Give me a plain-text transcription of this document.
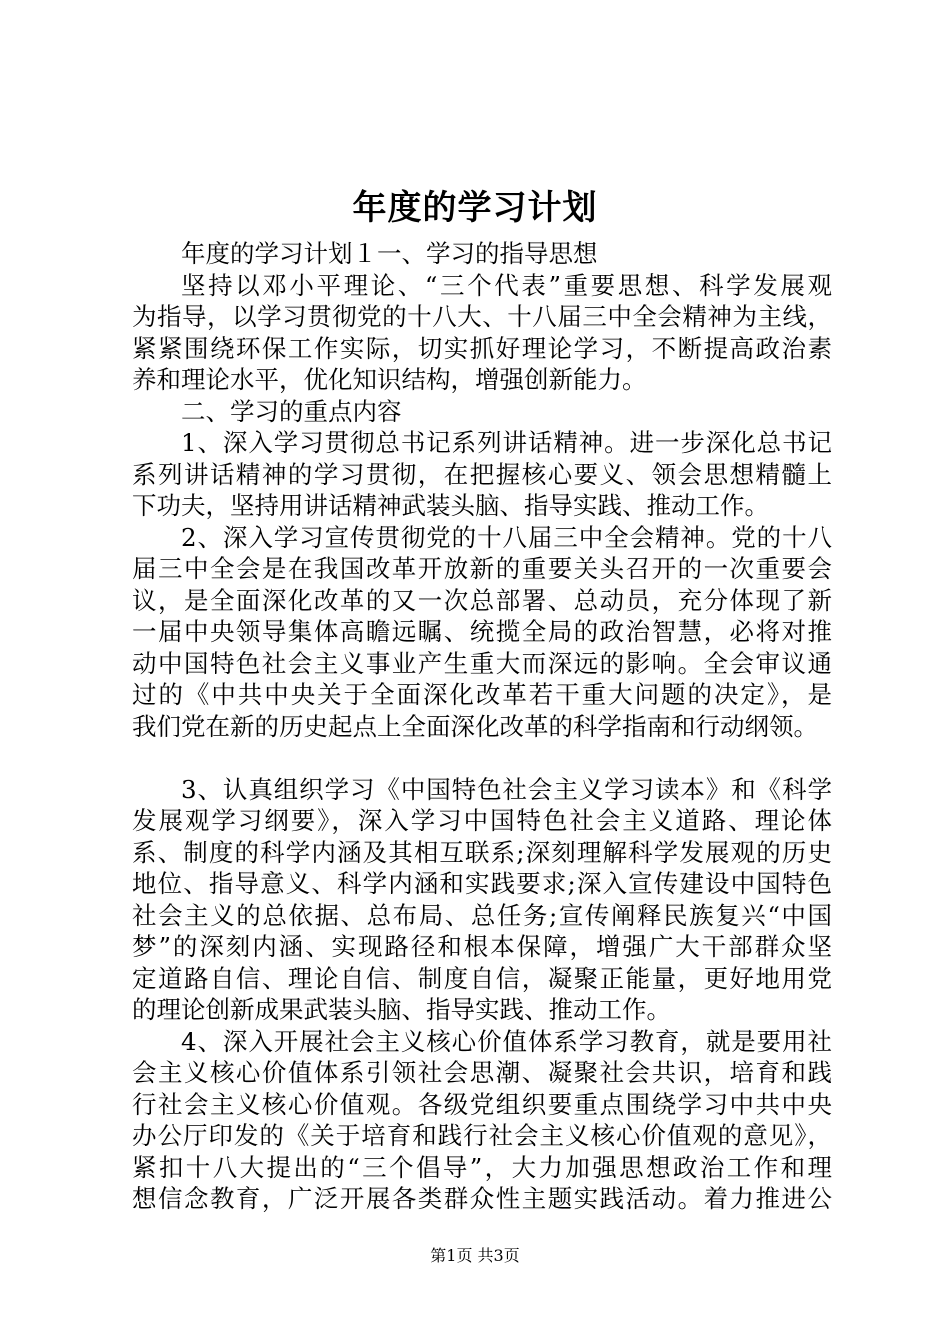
年度的学习计划
年度的学习计划１一、学习的指导思想
坚持以邓小平理论、“三个代表”重要思想、科学发展观
为指导，以学习贯彻党的十八大、十八届三中全会精神为主线，
紧紧围绕环保工作实际，切实抓好理论学习，不断提高政治素
养和理论水平，优化知识结构，增强创新能力。
二、学习的重点内容
1、深入学习贯彻总书记系列讲话精神。进一步深化总书记
系列讲话精神的学习贯彻，在把握核心要义、领会思想精髓上
下功夫，坚持用讲话精神武装头脑、指导实践、推动工作。
2、深入学习宣传贯彻党的十八届三中全会精神。党的十八
届三中全会是在我国改革开放新的重要关头召开的一次重要会
议，是全面深化改革的又一次总部署、总动员，充分体现了新
一届中央领导集体高瞻远瞩、统揽全局的政治智慧，必将对推
动中国特色社会主义事业产生重大而深远的影响。全会审议通
过的《中共中央关于全面深化改革若干重大问题的决定》，是
我们党在新的历史起点上全面深化改革的科学指南和行动纲领。
3、认真组织学习《中国特色社会主义学习读本》和《科学
发展观学习纲要》，深入学习中国特色社会主义道路、理论体
系、制度的科学内涵及其相互联系;深刻理解科学发展观的历史
地位、指导意义、科学内涵和实践要求;深入宣传建设中国特色
社会主义的总依据、总布局、总任务;宣传阐释民族复兴“中国
梦”的深刻内涵、实现路径和根本保障，增强广大干部群众坚
定道路自信、理论自信、制度自信，凝聚正能量，更好地用党
的理论创新成果武装头脑、指导实践、推动工作。
4、深入开展社会主义核心价值体系学习教育，就是要用社
会主义核心价值体系引领社会思潮、凝聚社会共识，培育和践
行社会主义核心价值观。各级党组织要重点围绕学习中共中央
办公厅印发的《关于培育和践行社会主义核心价值观的意见》，
紧扣十八大提出的“三个倡导”，大力加强思想政治工作和理
想信念教育，广泛开展各类群众性主题实践活动。着力推进公
第1页 共3页
